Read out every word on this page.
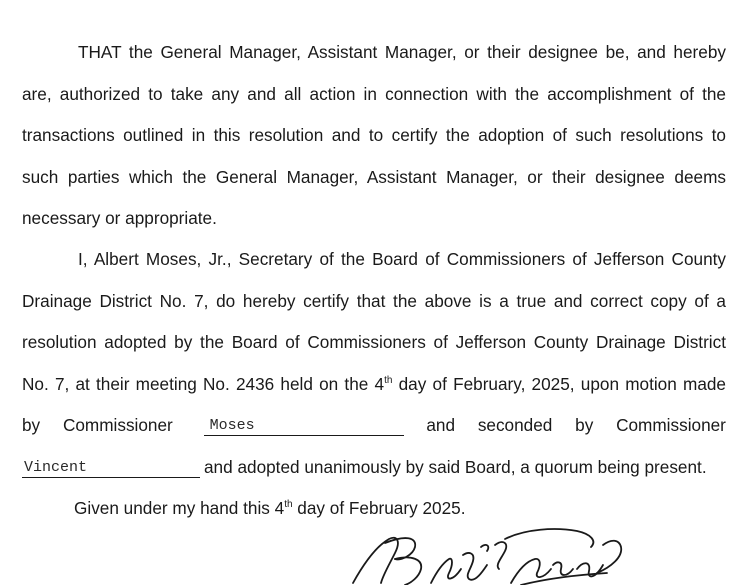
THAT the General Manager, Assistant Manager, or their designee be, and hereby
are, authorized to take any and all action in connection with the accomplishment of the
transactions outlined in this resolution and to certify the adoption of such resolutions to
such parties which the General Manager, Assistant Manager, or their designee deems
necessary or appropriate.
I, Albert Moses, Jr., Secretary of the Board of Commissioners of Jefferson County
Drainage District No. 7, do hereby certify that the above is a true and correct copy of a
resolution adopted by the Board of Commissioners of Jefferson County Drainage District
No. 7, at their meeting No. 2436 held on the 4th day of February, 2025, upon motion made
by Commissioner	Moses	and seconded by Commissioner
Vincent	and adopted unanimously by said Board, a quorum being present.
Given under my hand this 4th day of February 2025.
